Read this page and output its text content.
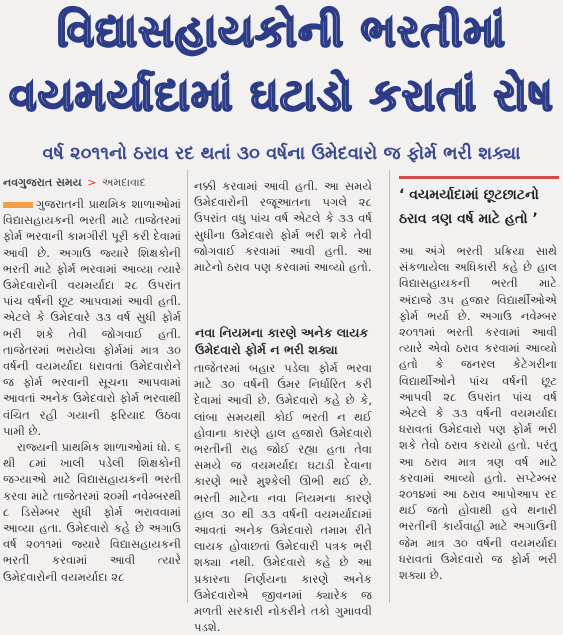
વિદ્યાસહાયકોની ભરતીમાં
વયમર્યાદામાં ઘટાડો કરાતાં રોષ
વર્ષ ૨૦૧૧નો ઠરાવ રદ થતાં ૩૦ વર્ષના ઉમેદવારો જ ફોર્મ ભરી શક્યા
નવગુજરાત સમય > અમદાવાદ

ગુજરાતની પ્રાથમિક શાળાઓમાં વિદ્યાસહાયકની ભરતી માટે તાજેતરમાં ફોર્મ ભરવાની કામગીરી પૂરી કરી દેવામાં આવી છે. અગાઉ જ્યારે શિક્ષકોની ભરતી માટે ફોર્મ ભરવામાં આવ્યા ત્યારે ઉમેદવારોની વયમર્યાદા ૨૮ ઉપરાંત પાંચ વર્ષની છૂટ આપવામાં આવી હતી. એટલે કે ઉમેદવારે ૩૩ વર્ષ સુધી ફોર્મ ભરી શકે તેવી જોગવાઈ હતી. તાજેતરમાં ભરાયેલા ફોર્મમાં માત્ર ૩૦ વર્ષની વયમર્યાદા ધરાવતાં ઉમેદવારોને જ ફોર્મ ભરવાની સૂચના આપવામાં આવતાં અનેક ઉમેદવારો ફોર્મ ભરવાથી વંચિત રહી ગયાની ફરિયાદ ઉઠવા પામી છે.

રાજ્યની પ્રાથમિક શાળાઓમાં ધો. ૬ થી ૮માં ખાલી પડેલી શિક્ષકોની જગ્યાઓ માટે વિદ્યાસહાયકની ભરતી કરવા માટે તાજેતરમાં ૨૦મી નવેમ્બરથી ૮ ડિસેમ્બર સુધી ફોર્મ ભરાવવામાં આવ્યા હતા. ઉમેદવારો કહે છે અગાઉ વર્ષ ૨૦૧૧માં જ્યારે વિદ્યાસહાયકની ભરતી કરવામાં આવી ત્યારે ઉમેદવારોની વયમર્યાદા ૨૮

નક્કી કરવામાં આવી હતી. આ સમયે ઉમેદવારોની રજૂઆતના પગલે ૨૮ ઉપરાંત વધુ પાંચ વર્ષ એટલે કે ૩૩ વર્ષ સુધીના ઉમેદવારો ફોર્મ ભરી શકે તેવી જોગવાઈ કરવામાં આવી હતી. આ માટેનો ઠરાવ પણ કરવામાં આવ્યો હતો.

નવા નિયમના કારણે અનેક લાયક ઉમેદવારો ફોર્મ ન ભરી શક્યા

તાજેતરમાં બહાર પડેલા ફોર્મ ભરવા માટે ૩૦ વર્ષની ઉંમર નિર્ધારિત કરી દેવામાં આવી છે. ઉમેદવારો કહે છે કે, લાંબા સમયથી કોઈ ભરતી ન થઈ હોવાના કારણે હાલ હજારો ઉમેદવારો ભરતીની રાહ જોઈ રહ્યા હતા તેવા સમયે જ વયમર્યાદા ઘટાડી દેવાના કારણે ભારે મુશ્કેલી ઊભી થઈ છે. ભરતી માટેના નવા નિયમના કારણે હાલ ૩૦ થી ૩૩ વર્ષની વયમર્યાદામાં આવતાં અનેક ઉમેદવારો તમામ રીતે લાયક હોવાછતાં ઉમેદવારી પત્રક ભરી શક્યા નથી. ઉમેદવારો કહે છે આ પ્રકારના નિર્ણયના કારણે અનેક ઉમેદવારોએ જીવનમાં ક્યારેક જ મળતી સરકારી નોકરીને તકો ગુમાવવી પડશે.

‘ વયમર્યાદામાં છૂટછાટનો ઠરાવ ત્રણ વર્ષ માટે હતો ’

આ અંગે ભરતી પ્રક્રિયા સાથે સંકળાયેલા અધિકારી કહે છે હાલ વિદ્યાસહાયકની ભરતી માટે અંદાજે ૩૫ હજાર વિદ્યાર્થીઓએ ફોર્મ ભર્યા છે. અગાઉ નવેમ્બર ૨૦૧૧માં ભરતી કરવામાં આવી ત્યારે એવો ઠરાવ કરવામાં આવ્યો હતો કે જનરલ કેટેગરીના વિદ્યાર્થીઓને પાંચ વર્ષની છૂટ આપવી ૨૮ ઉપરાંત પાંચ વર્ષ એટલે કે ૩૩ વર્ષની વયમર્યાદા ધરાવતાં ઉમેદવારો પણ ફોર્મ ભરી શકે તેવો ઠરાવ કરાયો હતો. પરંતુ આ ઠરાવ માત્ર ત્રણ વર્ષ માટે કરવામાં આવ્યો હતો. સપ્ટેમ્બર ૨૦૧૪માં આ ઠરાવ આપોઆપ રદ થઈ જતો હોવાથી હવે થનારી ભરતીની કાર્યવાહી માટે અગાઉની જેમ માત્ર ૩૦ વર્ષની વયમર્યાદા ધરાવતાં ઉમેદવારો જ ફોર્મ ભરી શક્યા છે.
